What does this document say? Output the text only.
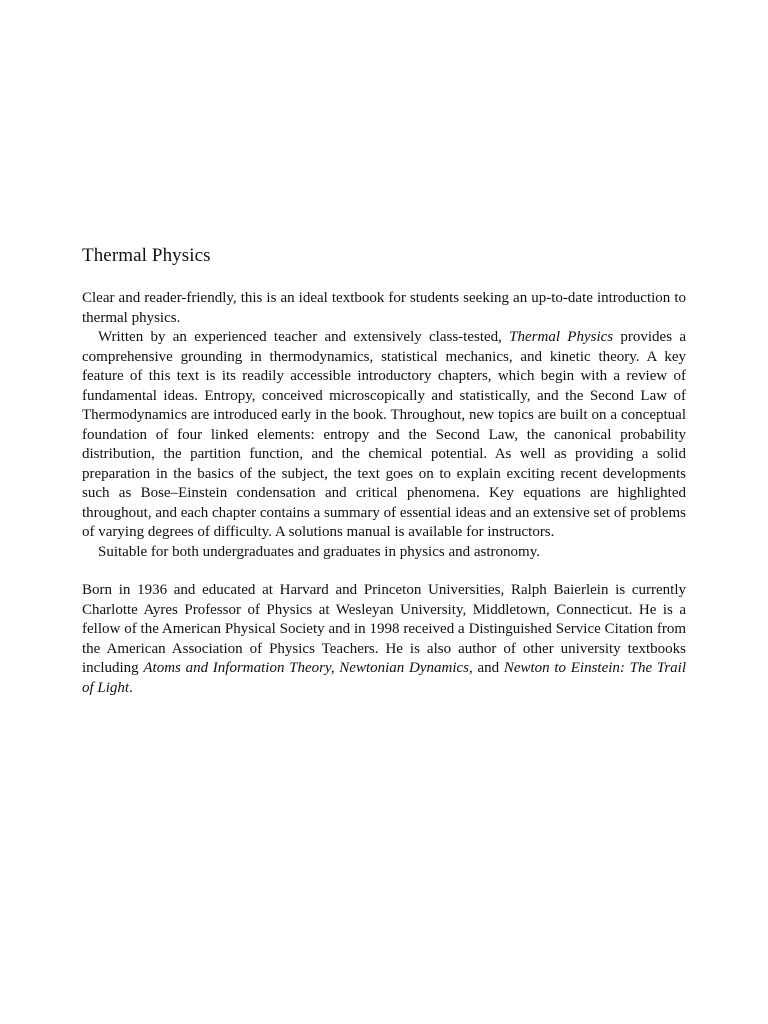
Thermal Physics

Clear and reader-friendly, this is an ideal textbook for students seeking an up-to-date introduction to thermal physics.

Written by an experienced teacher and extensively class-tested, Thermal Physics provides a comprehensive grounding in thermodynamics, statistical mechanics, and kinetic theory. A key feature of this text is its readily accessible introductory chapters, which begin with a review of fundamental ideas. Entropy, conceived microscopically and statistically, and the Second Law of Thermodynamics are introduced early in the book. Throughout, new topics are built on a conceptual foundation of four linked elements: entropy and the Second Law, the canonical probability distribution, the partition function, and the chemical potential. As well as providing a solid preparation in the basics of the subject, the text goes on to explain exciting recent developments such as Bose–Einstein condensation and critical phenomena. Key equations are highlighted throughout, and each chapter contains a summary of essential ideas and an extensive set of problems of varying degrees of difficulty. A solutions manual is available for instructors.

Suitable for both undergraduates and graduates in physics and astronomy.

Born in 1936 and educated at Harvard and Princeton Universities, Ralph Baierlein is currently Charlotte Ayres Professor of Physics at Wesleyan University, Middletown, Connecticut. He is a fellow of the American Physical Society and in 1998 received a Distinguished Service Citation from the American Association of Physics Teachers. He is also author of other university textbooks including Atoms and Information Theory, Newtonian Dynamics, and Newton to Einstein: The Trail of Light.
